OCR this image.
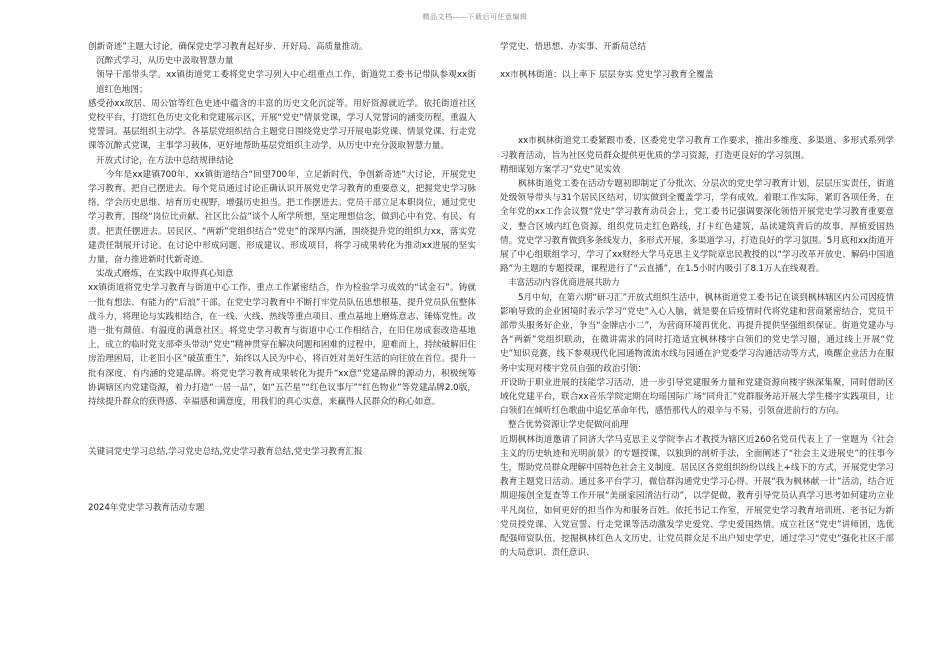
精品文档——下载后可任意编辑

创新奇迹”主题大讨论，确保党史学习教育起好步、开好局、高质量推动。

沉醉式学习，从历史中汲取智慧力量

领导干部带头学。xx镇街道党工委将党史学习列入中心组重点工作，街道党工委书记带队参观xx街道红色地图；

感受孙xx故居、周公馆等红色史迹中蕴含的丰富的历史文化沉淀等。用好资源就近学。依托街道社区党校平台，打造红色历史文化和党建展示区，开展“党史”情景党课，学习人党誓词的涵变历程，重温入党誓词。基层组织主动学。各基层党组织结合主题党日围绕党史学习开展电影党课、情景党课、行走党课等沉醉式党课，主事学习载体，更好地帮助基层党组织主动学，从历史中充分汲取智慧力量。

开放式讨论，在方法中总结规律结论

今年是xx建镇700年，xx镇街道结合“回望700年，立足新时代，争创新奇迹”大讨论，开展党史学习教育。把自己摆进去。每个党员通过讨论正确认识开展党史学习教育的重要意义，把握党史学习脉络，学会历史思维、培育历史视野，增强历史担当。把工作摆进去。党员干部立足本职岗位，通过党史学习教育，围绕“岗位比贡献、社区比公益”谈个人所学所想，坚定理想信念，做到心中有党、有民、有责。把责任摆进去。居民区、“两新”党组织结合“党史”的深厚内涵，围绕提升党的组织力xx，落实党建责任制展开讨论。在讨论中形成问题、形成建议、形成项目，将学习成果转化为推动xx进展的坚实力量，奋力推进新时代新奇迹。

实战式磨炼，在实践中取得真心知意

xx镇街道将党史学习教育与街道中心工作、重点工作紧密结合，作为检验学习成效的“试金石”。铸就一批有想法、有能力的“后浪”干部。在党史学习教育中不断打牢党员队伍思想根基，提升党员队伍整体战斗力，将理论与实践相结合，在一线、火线、热线等重点项目、重点基地上磨炼意志、锤炼党性。改造一批有颜值、有温度的满意社区。将党史学习教育与街道中心工作相结合，在旧住房成套改造基地上，成立的临时党支部牵头带动“党史”精神贯穿在解决问题和困难的过程中，迎难而上，持续破解旧住房治理困局，让老旧小区“破茧重生”，始终以人民为中心，将百姓对美好生活的向往放在首位。提升一批有深度、有内涵的党建品牌。将党史学习教育成果转化为提升“xx意”党建品牌的源动力，积极统筹协调辖区内党建资源，着力打造“一居一品”，如“五芒星”“红色议事厅”“红色物业”等党建品牌2.0版，持续提升群众的获得感、幸福感和满意度，用我们的真心实意，来赢得人民群众的称心如意。

关键词党史学习总结,学习党史总结,党史学习教育总结,党史学习教育汇报

2024年党史学习教育活动专题

学党史、悟思想、办实事、开新局总结

xx市枫林街道：以上率下 层层夯实 党史学习教育全覆盖

xx市枫林街道党工委紧跟市委、区委党史学习教育工作要求，推出多维度、多渠道、多形式系列学习教育活动，旨为社区党员群众提供更优质的学习资源，打造更良好的学习氛围。

精细谋划方案学习“党史”见实效

枫林街道党工委在活动专题初即制定了分批次、分层次的党史学习教育计划，层层压实责任，街道处级领导带头与31个居民区结对，切实做到全覆盖学习，学有成效。着眼工作实际，紧盯各项任务，在全年党的xx工作会议暨“党史”学习教育动员会上，党工委书记强调要深化领悟开展党史学习教育重要意义，整合区域内红色资源，组织党员走红色路线，打卡红色建筑，品读建筑背后的故事，厚植爱国热情。党史学习教育做到多条线发力，多形式开展，多渠道学习，打造良好的学习氛围。5月底和xx街道开展了中心组联组学习，学习了xx财经大学马克思主义学院章忠民教授的以“学习改革开放史、解码中国道路”为主题的专题授课，课程进行了“云直播”，在1.5小时内吸引了8.1万人在线观看。

丰富活动内容优商进展共助力

5月中旬，在第六期“研习汇”开放式组织生活中，枫林街道党工委书记在谈到枫林辖区内公司因疫情影响导致的企业困境时表示学习“党史”入心入脑，就是要在后疫情时代将党建和营商紧密结合，党员干部带头服务好企业，争当“金牌店小二”，为营商环境再优化、再提升提供坚强组织保证。街道党建办与各“两新”党组织联动，在微讲需求的同时打造适宜枫林楼宇白领们的党史学习圈，通过线上开展“党史”知识竞赛，线下参观现代化园通物流流水线与园通在沪党委学习沟通活动等方式，唤醒企业活力在服务中实现对楼宇党员自强的政治引领：

开设助于职业进展的技能学习活动，进一步引导党建服务力量和党建资源向楼宇纵深集聚，同时借助区域化党建平台，联合xx音乐学院定期在均瑶国际广场“同舟汇”党群服务站开展大学生楼宇实践项目，让白领们在倾听红色歌曲中追忆革命年代，感悟那代人的艰辛与不易，引领奋进前行的方向。

整合优势资源让学史促做问前理

近期枫林街道邀请了同济大学马克思主义学院李占才教授为辖区近260名党员代表上了一堂题为《社会主义的历史轨迹和光明前景》的专题授课，以独到的剖析手法，全面阐述了“社会主义进展史”的往事今生，帮助党员群众理解中国特色社会主义制度。居民区各党组织纷纷以线上+线下的方式，开展党史学习教育主题党日活动。通过多平台学习，微信群沟通党史学习心得。开展“我为枫林献一计”活动，结合近期迎接创全复查等工作开展“美丽家园清洁行动”，以学促做，教育引导党员认真学习思考如何建功立业平凡岗位，如何更好的担当作为和服务百姓。依托书记工作室，开展党史学习教育培训班、老书记为新党员授党课、入党宣誓、行走党课等活动激发学史爱党、学史爱国热情。成立社区“党史”讲师团，选优配强师资队伍，挖掘枫林红色人文历史，让党员群众足不出户知史学史，通过学习“党史”强化社区干部的大局意识、责任意识、
